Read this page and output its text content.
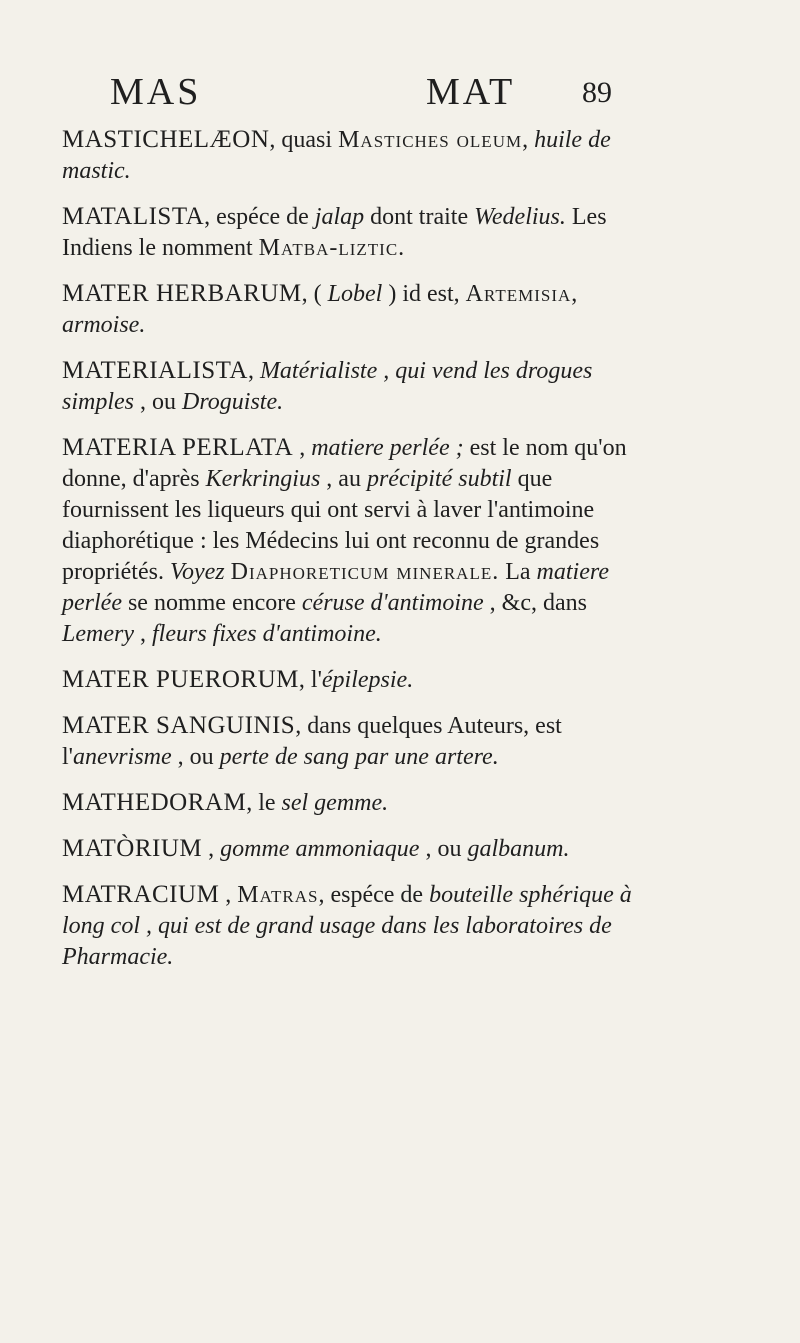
MAS	MAT 89

MASTICHELÆON, quasi Mastiches oleum, huile de mastic.

MATALISTA, espéce de jalap dont traite Wedelius. Les Indiens le nomment Matba-liztic.

MATER HERBARUM, ( Lobel ) id est, Artemisia, armoise.

MATERIALISTA, Matérialiste , qui vend les drogues simples , ou Droguiste.

MATERIA PERLATA , matiere perlée ; est le nom qu'on donne, d'après Kerkringius , au précipité subtil que fournissent les liqueurs qui ont servi à laver l'antimoine diaphorétique : les Médecins lui ont reconnu de grandes propriétés. Voyez Diaphoreticum minerale. La matiere perlée se nomme encore céruse d'antimoine , &c, dans Lemery , fleurs fixes d'antimoine.

MATER PUERORUM, l'épilepsie.

MATER SANGUINIS, dans quelques Auteurs, est l'anevrisme , ou perte de sang par une artere.

MATHEDORAM, le sel gemme.

MATÒRIUM , gomme ammoniaque , ou galbanum.

MATRACIUM , Matras, espéce de bouteille sphérique à long col , qui est de grand usage dans les laboratoires de Pharmacie.
